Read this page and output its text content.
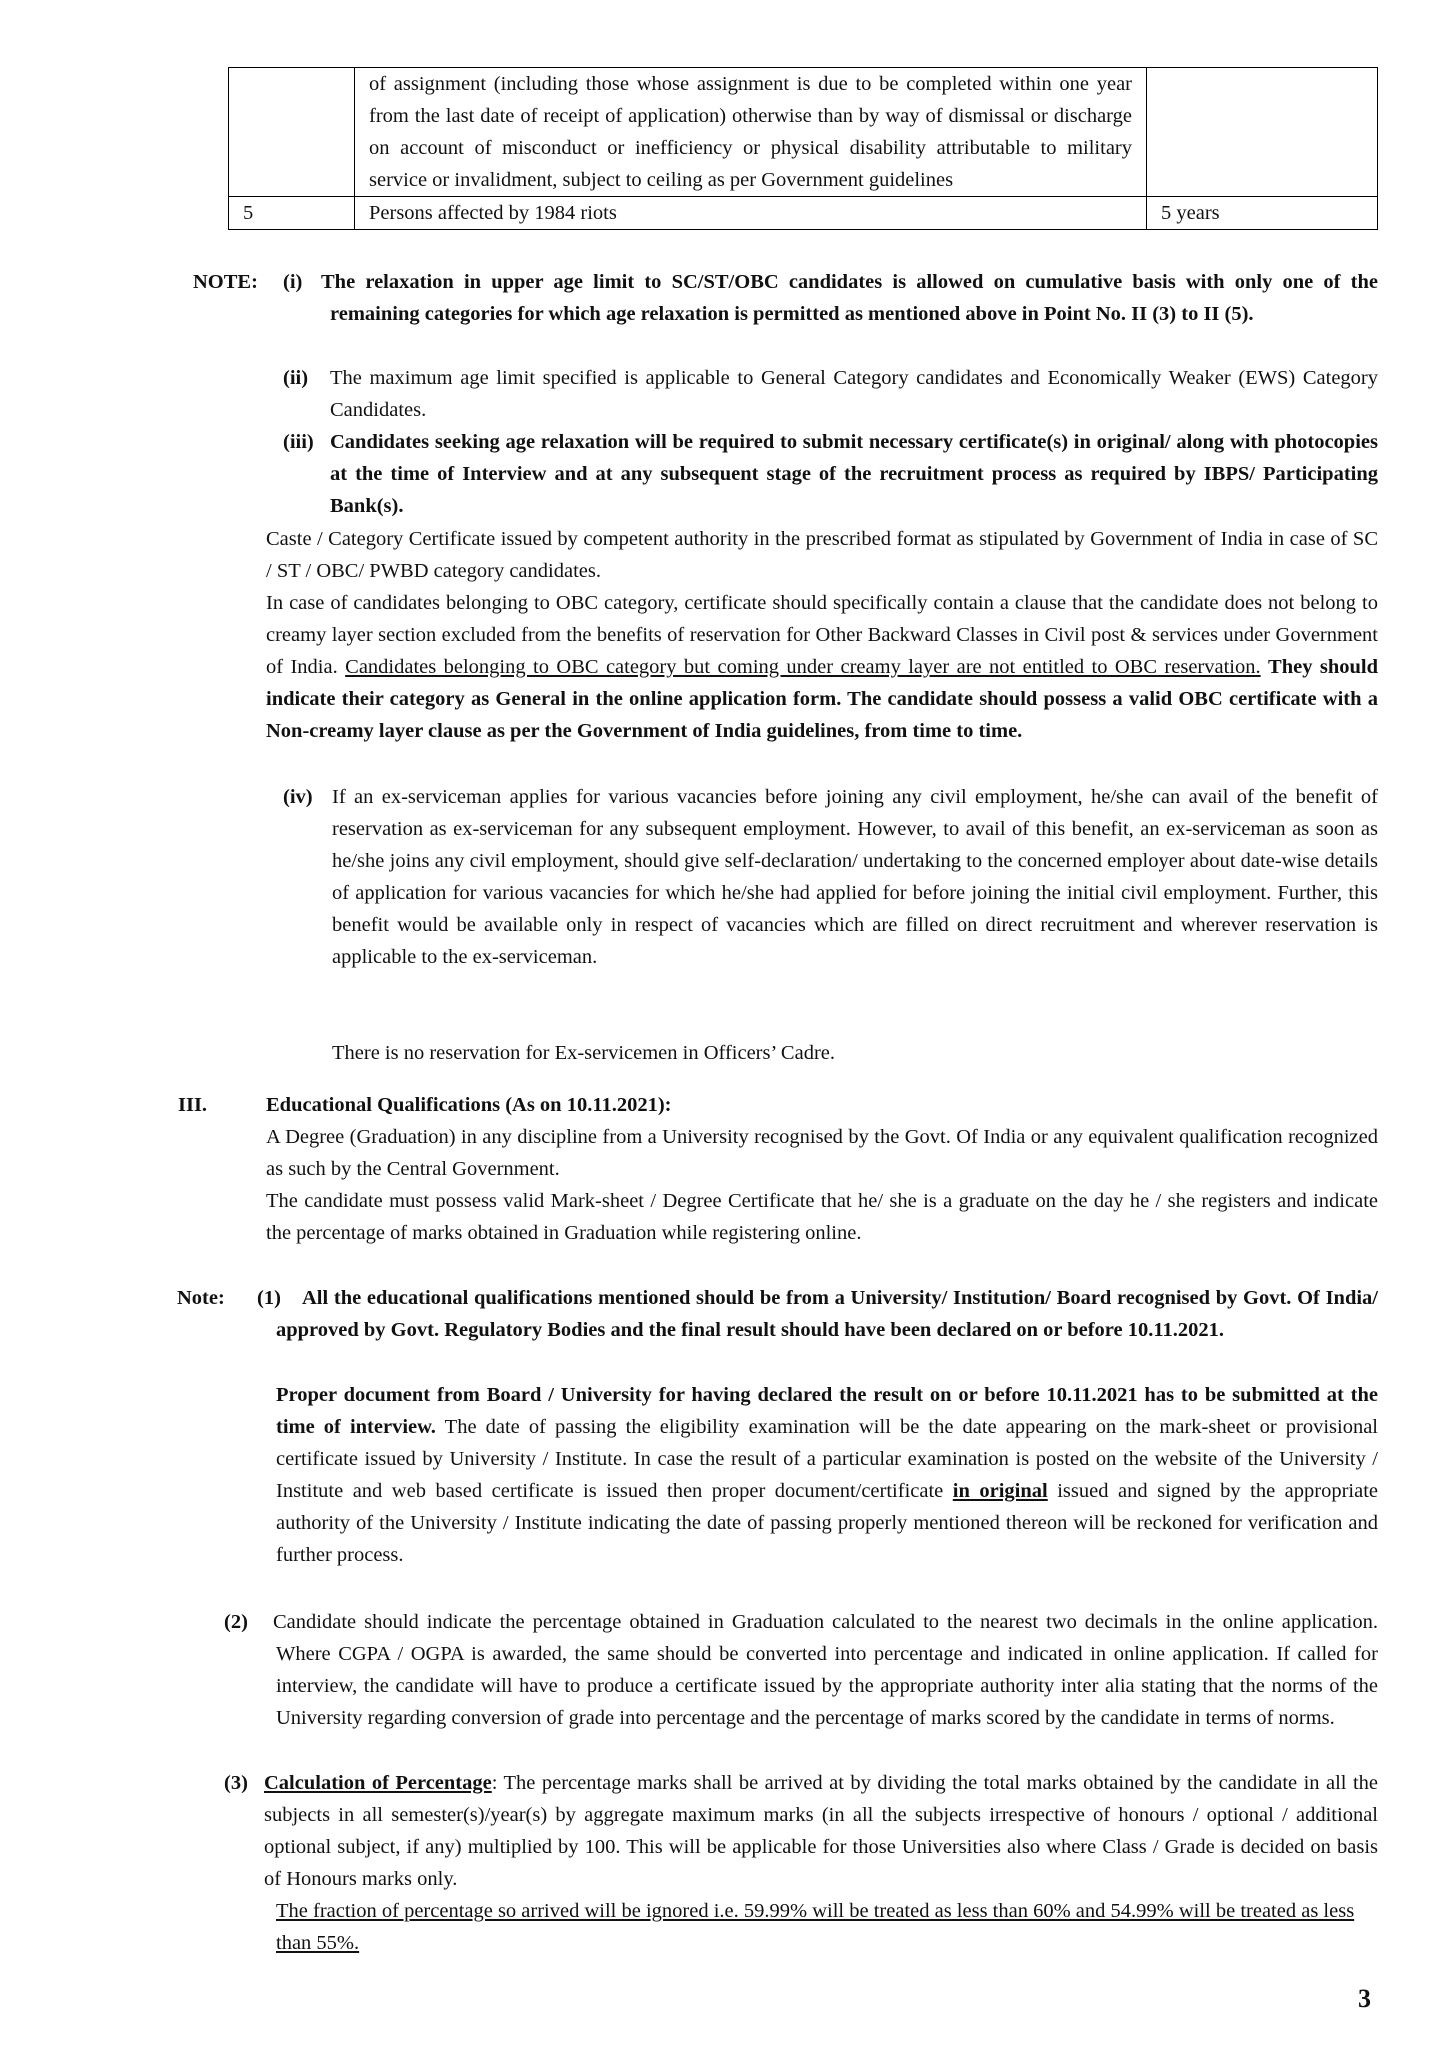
	of assignment (including those whose assignment is due to be completed within one year from the last date of receipt of application) otherwise than by way of dismissal or discharge on account of misconduct or inefficiency or physical disability attributable to military service or invalidment, subject to ceiling as per Government guidelines	
5	Persons affected by 1984 riots	5 years
NOTE: (i) The relaxation in upper age limit to SC/ST/OBC candidates is allowed on cumulative basis with only one of the remaining categories for which age relaxation is permitted as mentioned above in Point No. II (3) to II (5).
(ii) The maximum age limit specified is applicable to General Category candidates and Economically Weaker (EWS) Category Candidates.
(iii) Candidates seeking age relaxation will be required to submit necessary certificate(s) in original/ along with photocopies at the time of Interview and at any subsequent stage of the recruitment process as required by IBPS/ Participating Bank(s).
Caste / Category Certificate issued by competent authority in the prescribed format as stipulated by Government of India in case of SC / ST / OBC/ PWBD category candidates.
In case of candidates belonging to OBC category, certificate should specifically contain a clause that the candidate does not belong to creamy layer section excluded from the benefits of reservation for Other Backward Classes in Civil post & services under Government of India. Candidates belonging to OBC category but coming under creamy layer are not entitled to OBC reservation. They should indicate their category as General in the online application form. The candidate should possess a valid OBC certificate with a Non-creamy layer clause as per the Government of India guidelines, from time to time.
(iv) If an ex-serviceman applies for various vacancies before joining any civil employment, he/she can avail of the benefit of reservation as ex-serviceman for any subsequent employment. However, to avail of this benefit, an ex-serviceman as soon as he/she joins any civil employment, should give self-declaration/ undertaking to the concerned employer about date-wise details of application for various vacancies for which he/she had applied for before joining the initial civil employment. Further, this benefit would be available only in respect of vacancies which are filled on direct recruitment and wherever reservation is applicable to the ex-serviceman.
There is no reservation for Ex-servicemen in Officers’ Cadre.
III.	Educational Qualifications (As on 10.11.2021):
A Degree (Graduation) in any discipline from a University recognised by the Govt. Of India or any equivalent qualification recognized as such by the Central Government.
The candidate must possess valid Mark-sheet / Degree Certificate that he/ she is a graduate on the day he / she registers and indicate the percentage of marks obtained in Graduation while registering online.
Note: (1)	All the educational qualifications mentioned should be from a University/ Institution/ Board recognised by Govt. Of India/ approved by Govt. Regulatory Bodies and the final result should have been declared on or before 10.11.2021.
Proper document from Board / University for having declared the result on or before 10.11.2021 has to be submitted at the time of interview. The date of passing the eligibility examination will be the date appearing on the mark-sheet or provisional certificate issued by University / Institute. In case the result of a particular examination is posted on the website of the University / Institute and web based certificate is issued then proper document/certificate in original issued and signed by the appropriate authority of the University / Institute indicating the date of passing properly mentioned thereon will be reckoned for verification and further process.
(2) Candidate should indicate the percentage obtained in Graduation calculated to the nearest two decimals in the online application. Where CGPA / OGPA is awarded, the same should be converted into percentage and indicated in online application. If called for interview, the candidate will have to produce a certificate issued by the appropriate authority inter alia stating that the norms of the University regarding conversion of grade into percentage and the percentage of marks scored by the candidate in terms of norms.
(3) Calculation of Percentage: The percentage marks shall be arrived at by dividing the total marks obtained by the candidate in all the subjects in all semester(s)/year(s) by aggregate maximum marks (in all the subjects irrespective of honours / optional / additional optional subject, if any) multiplied by 100. This will be applicable for those Universities also where Class / Grade is decided on basis of Honours marks only.
The fraction of percentage so arrived will be ignored i.e. 59.99% will be treated as less than 60% and 54.99% will be treated as less than 55%.
3
